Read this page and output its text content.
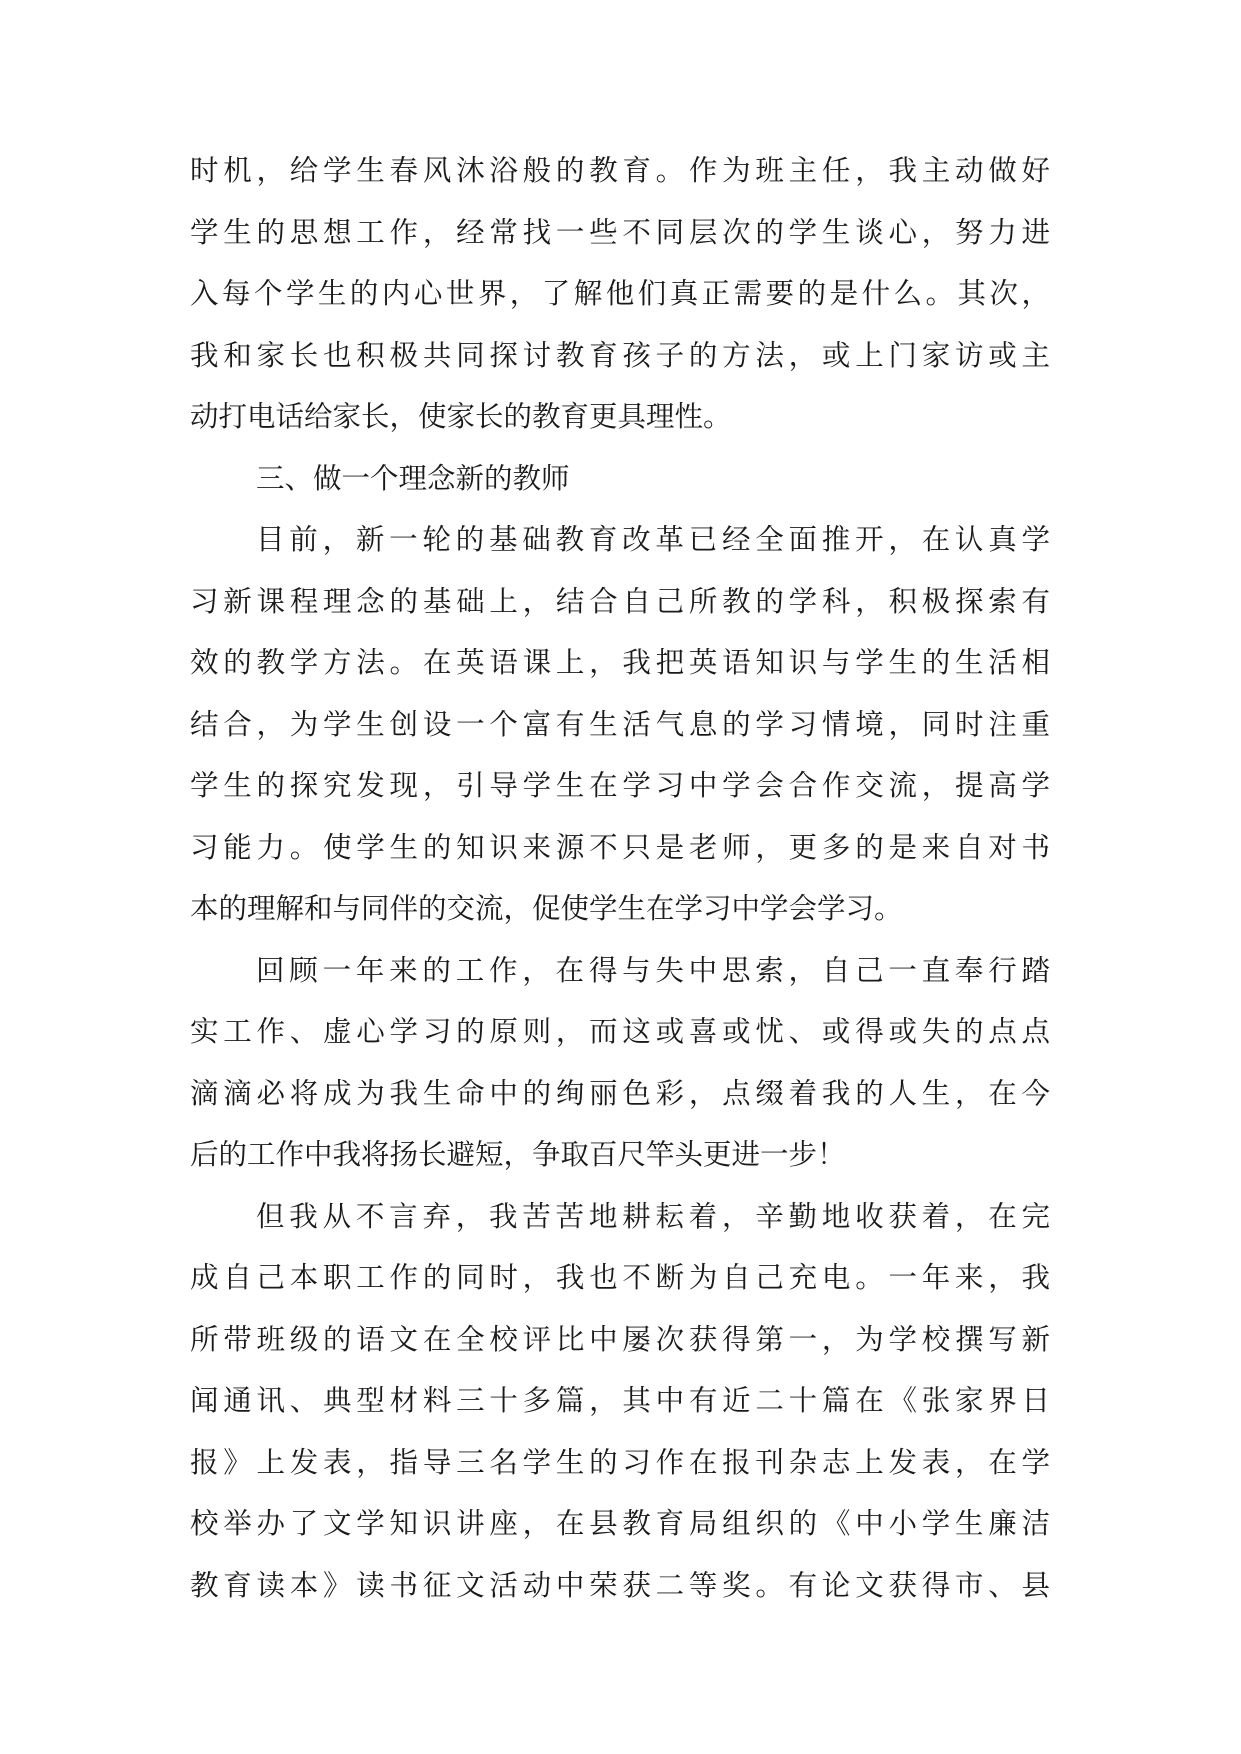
时机，给学生春风沐浴般的教育。作为班主任，我主动做好
学生的思想工作，经常找一些不同层次的学生谈心，努力进
入每个学生的内心世界，了解他们真正需要的是什么。其次，
我和家长也积极共同探讨教育孩子的方法，或上门家访或主
动打电话给家长，使家长的教育更具理性。
三、做一个理念新的教师
目前，新一轮的基础教育改革已经全面推开，在认真学
习新课程理念的基础上，结合自己所教的学科，积极探索有
效的教学方法。在英语课上，我把英语知识与学生的生活相
结合，为学生创设一个富有生活气息的学习情境，同时注重
学生的探究发现，引导学生在学习中学会合作交流，提高学
习能力。使学生的知识来源不只是老师，更多的是来自对书
本的理解和与同伴的交流，促使学生在学习中学会学习。
回顾一年来的工作，在得与失中思索，自己一直奉行踏
实工作、虚心学习的原则，而这或喜或忧、或得或失的点点
滴滴必将成为我生命中的绚丽色彩，点缀着我的人生，在今
后的工作中我将扬长避短，争取百尺竿头更进一步！
但我从不言弃，我苦苦地耕耘着，辛勤地收获着，在完
成自己本职工作的同时，我也不断为自己充电。一年来，我
所带班级的语文在全校评比中屡次获得第一，为学校撰写新
闻通讯、典型材料三十多篇，其中有近二十篇在《张家界日
报》上发表，指导三名学生的习作在报刊杂志上发表，在学
校举办了文学知识讲座，在县教育局组织的《中小学生廉洁
教育读本》读书征文活动中荣获二等奖。有论文获得市、县
